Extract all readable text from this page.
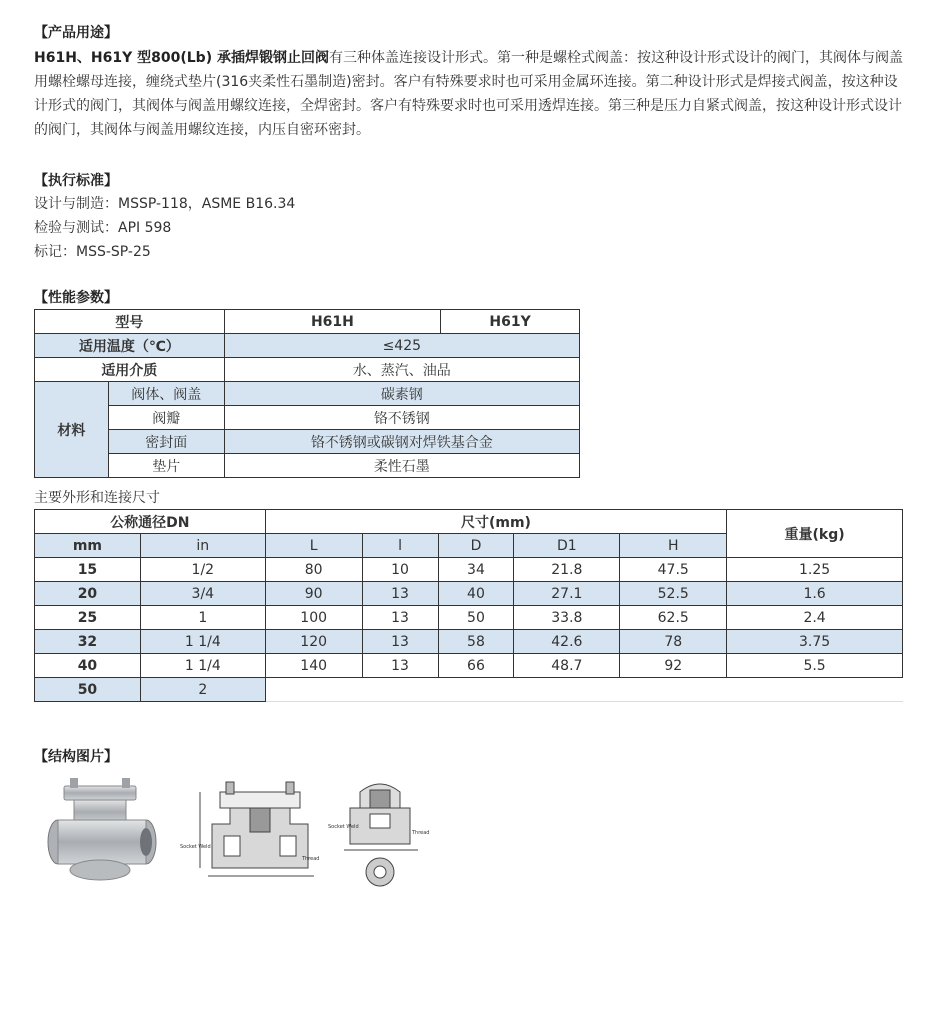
【产品用途】
H61H、H61Y 型800(Lb) 承插焊锻钢止回阀有三种体盖连接设计形式。第一种是螺栓式阀盖：按这种设计形式设计的阀门，其阀体与阀盖用螺栓螺母连接，缠绕式垫片(316夹柔性石墨制造)密封。客户有特殊要求时也可采用金属环连接。第二种设计形式是焊接式阀盖，按这种设计形式的阀门，其阀体与阀盖用螺纹连接，全焊密封。客户有特殊要求时也可采用透焊连接。第三种是压力自紧式阀盖，按这种设计形式设计的阀门，其阀体与阀盖用螺纹连接，内压自密环密封。
【执行标准】
设计与制造：MSSP-118，ASME B16.34
检验与测试：API 598
标记：MSS-SP-25
【性能参数】
型号		H61H	H61Y
适用温度（℃）		≤425	
适用介质		水、蒸汽、油品	
材料	阀体、阀盖	碳素钢	
	阀瓣	铬不锈钢	
	密封面	铬不锈钢或碳钢对焊铁基合金	
	垫片	柔性石墨	
主要外形和连接尺寸
公称通径DN		尺寸(mm)					重量(kg)
mm	in	L	l	D	D1	H	
15	1/2	80	10	34	21.8	47.5	1.25
20	3/4	90	13	40	27.1	52.5	1.6
25	1	100	13	50	33.8	62.5	2.4
32	1 1/4	120	13	58	42.6	78	3.75
40	1 1/4	140	13	66	48.7	92	5.5
50	2						
【结构图片】
Socket Weld
Thread
Socket Weld
Thread
